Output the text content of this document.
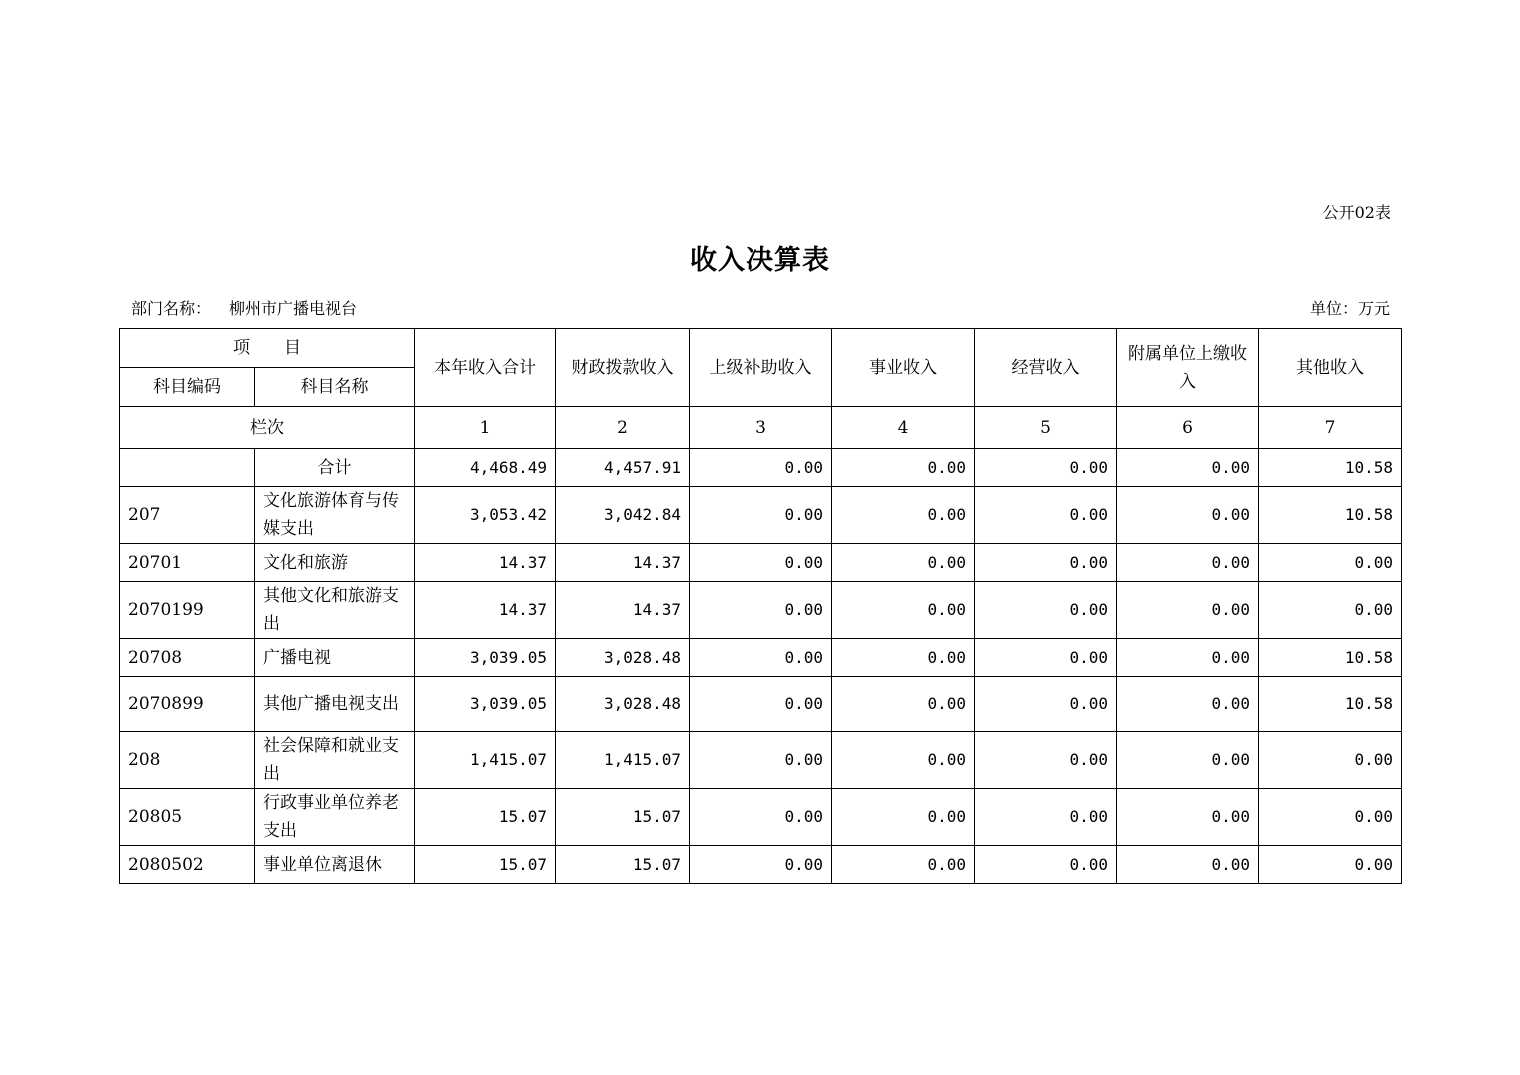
公开02表
收入决算表
部门名称： 柳州市广播电视台	单位：万元
项　　目		本年收入合计	财政拨款收入	上级补助收入	事业收入	经营收入	附属单位上缴收入	其他收入
科目编码	科目名称							
栏次		1	2	3	4	5	6	7
	合计	4,468.49	4,457.91	0.00	0.00	0.00	0.00	10.58
207	文化旅游体育与传媒支出	3,053.42	3,042.84	0.00	0.00	0.00	0.00	10.58
20701	文化和旅游	14.37	14.37	0.00	0.00	0.00	0.00	0.00
2070199	其他文化和旅游支出	14.37	14.37	0.00	0.00	0.00	0.00	0.00
20708	广播电视	3,039.05	3,028.48	0.00	0.00	0.00	0.00	10.58
2070899	其他广播电视支出	3,039.05	3,028.48	0.00	0.00	0.00	0.00	10.58
208	社会保障和就业支出	1,415.07	1,415.07	0.00	0.00	0.00	0.00	0.00
20805	行政事业单位养老支出	15.07	15.07	0.00	0.00	0.00	0.00	0.00
2080502	事业单位离退休	15.07	15.07	0.00	0.00	0.00	0.00	0.00
